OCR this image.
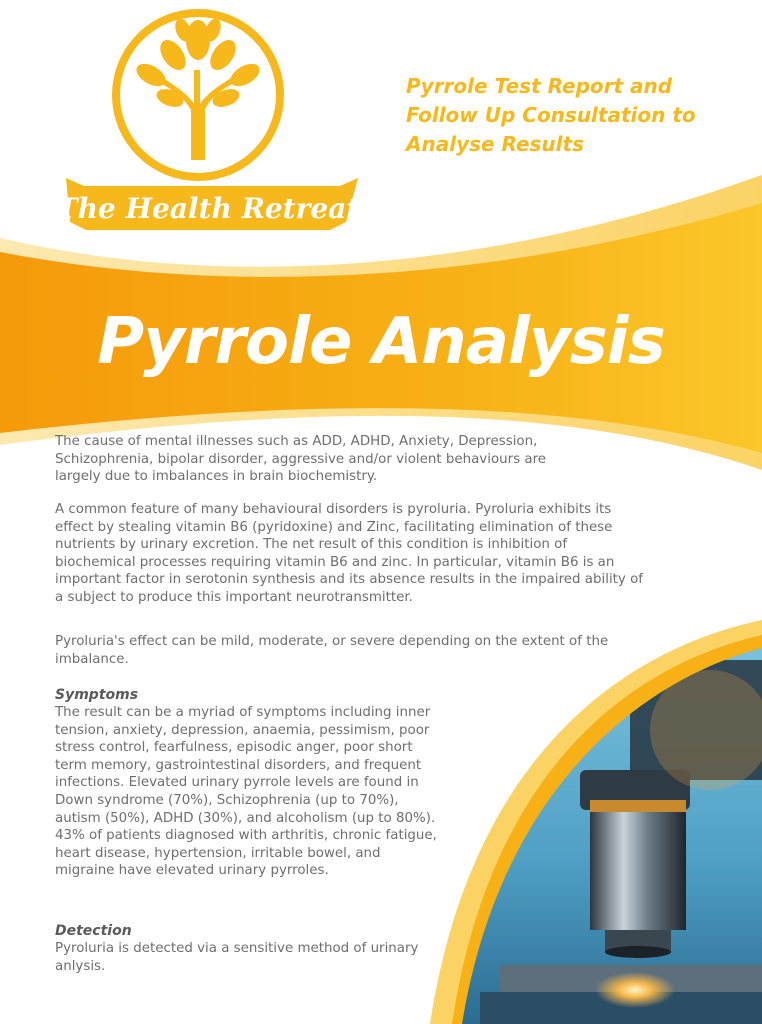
The Health Retreat
Pyrrole Test Report and
Follow Up Consultation to
Analyse Results
Pyrrole Analysis

The cause of mental illnesses such as ADD, ADHD, Anxiety, Depression, Schizophrenia, bipolar disorder, aggressive and/or violent behaviours are largely due to imbalances in brain biochemistry.

A common feature of many behavioural disorders is pyroluria. Pyroluria exhibits its effect by stealing vitamin B6 (pyridoxine) and Zinc, facilitating elimination of these nutrients by urinary excretion. The net result of this condition is inhibition of biochemical processes requiring vitamin B6 and zinc. In particular, vitamin B6 is an important factor in serotonin synthesis and its absence results in the impaired ability of a subject to produce this important neurotransmitter.

Pyroluria's effect can be mild, moderate, or severe depending on the extent of the imbalance.

Symptoms

The result can be a myriad of symptoms including inner tension, anxiety, depression, anaemia, pessimism, poor stress control, fearfulness, episodic anger, poor short term memory, gastrointestinal disorders, and frequent infections. Elevated urinary pyrrole levels are found in Down syndrome (70%), Schizophrenia (up to 70%), autism (50%), ADHD (30%), and alcoholism (up to 80%). 43% of patients diagnosed with arthritis, chronic fatigue, heart disease, hypertension, irritable bowel, and migraine have elevated urinary pyrroles.

Detection

Pyroluria is detected via a sensitive method of urinary anlysis.
